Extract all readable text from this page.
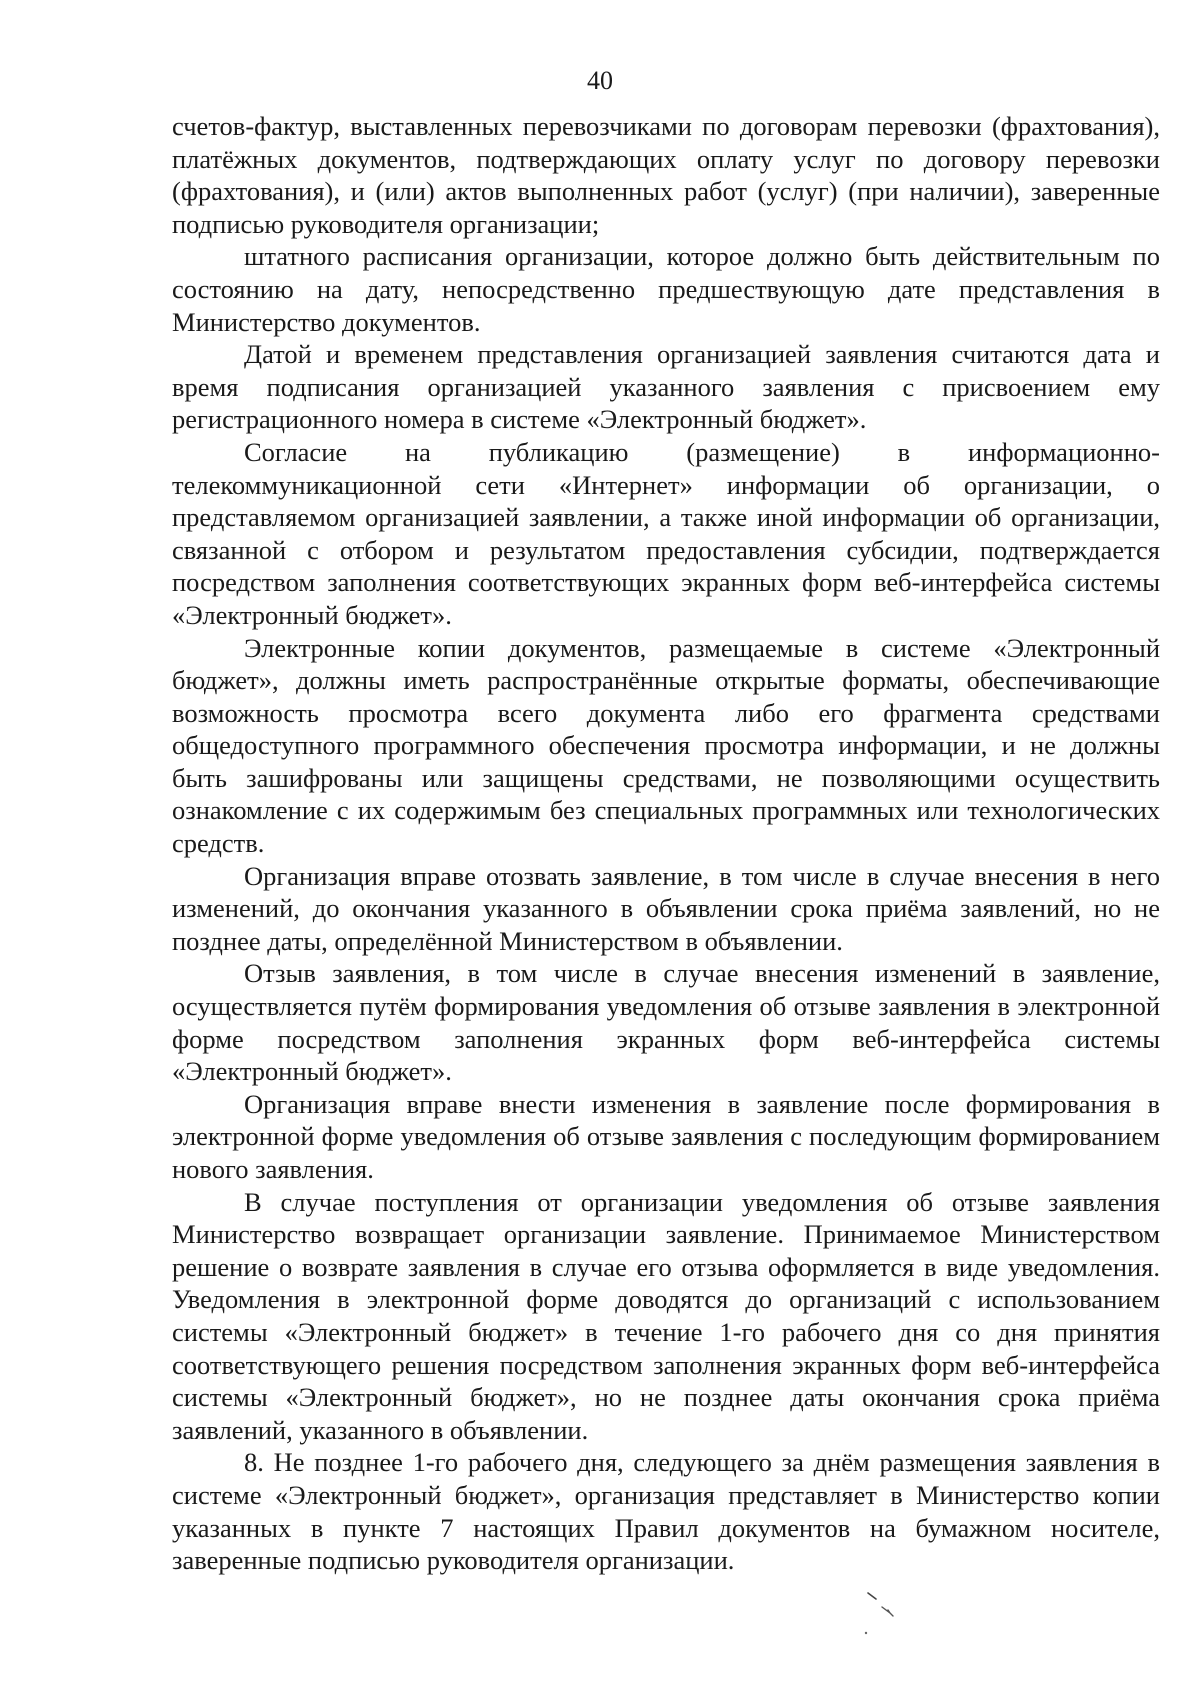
40

счетов-фактур, выставленных перевозчиками по договорам перевозки (фрахтования), платёжных документов, подтверждающих оплату услуг по договору перевозки (фрахтования), и (или) актов выполненных работ (услуг) (при наличии), заверенные подписью руководителя организации;

штатного расписания организации, которое должно быть действительным по состоянию на дату, непосредственно предшествующую дате представления в Министерство документов.

Датой и временем представления организацией заявления считаются дата и время подписания организацией указанного заявления с присвоением ему регистрационного номера в системе «Электронный бюджет».

Согласие на публикацию (размещение) в информационно-телекоммуникационной сети «Интернет» информации об организации, о представляемом организацией заявлении, а также иной информации об организации, связанной с отбором и результатом предоставления субсидии, подтверждается посредством заполнения соответствующих экранных форм веб-интерфейса системы «Электронный бюджет».

Электронные копии документов, размещаемые в системе «Электронный бюджет», должны иметь распространённые открытые форматы, обеспечивающие возможность просмотра всего документа либо его фрагмента средствами общедоступного программного обеспечения просмотра информации, и не должны быть зашифрованы или защищены средствами, не позволяющими осуществить ознакомление с их содержимым без специальных программных или технологических средств.

Организация вправе отозвать заявление, в том числе в случае внесения в него изменений, до окончания указанного в объявлении срока приёма заявлений, но не позднее даты, определённой Министерством в объявлении.

Отзыв заявления, в том числе в случае внесения изменений в заявление, осуществляется путём формирования уведомления об отзыве заявления в электронной форме посредством заполнения экранных форм веб-интерфейса системы «Электронный бюджет».

Организация вправе внести изменения в заявление после формирования в электронной форме уведомления об отзыве заявления с последующим формированием нового заявления.

В случае поступления от организации уведомления об отзыве заявления Министерство возвращает организации заявление. Принимаемое Министерством решение о возврате заявления в случае его отзыва оформляется в виде уведомления. Уведомления в электронной форме доводятся до организаций с использованием системы «Электронный бюджет» в течение 1-го рабочего дня со дня принятия соответствующего решения посредством заполнения экранных форм веб-интерфейса системы «Электронный бюджет», но не позднее даты окончания срока приёма заявлений, указанного в объявлении.

8. Не позднее 1-го рабочего дня, следующего за днём размещения заявления в системе «Электронный бюджет», организация представляет в Министерство копии указанных в пункте 7 настоящих Правил документов на бумажном носителе, заверенные подписью руководителя организации.
